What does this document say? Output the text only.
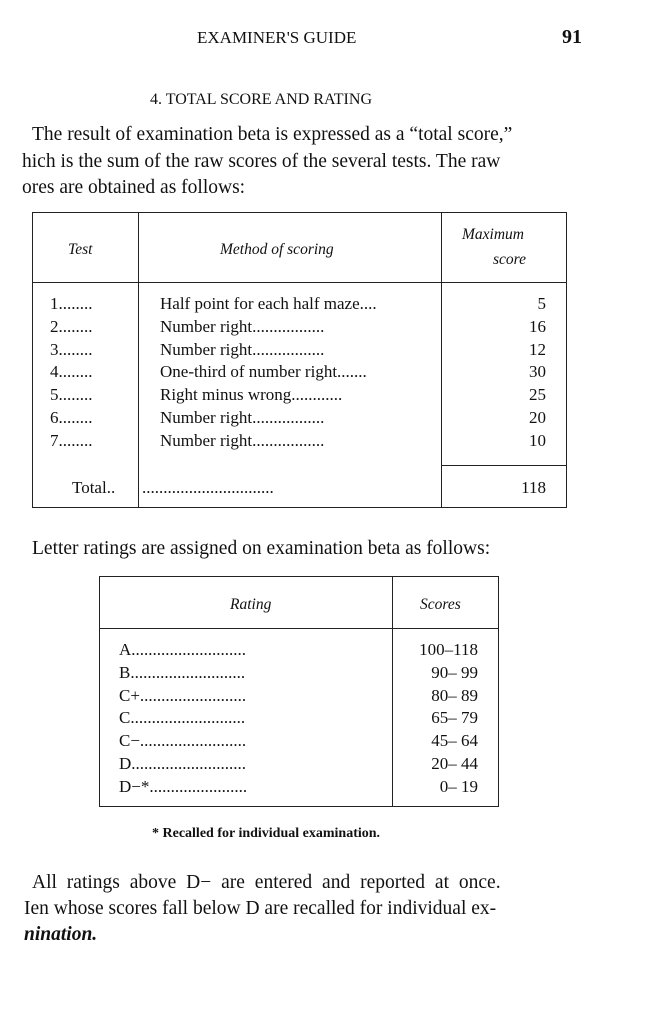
EXAMINER'S GUIDE	91
4. TOTAL SCORE AND RATING
The result of examination beta is expressed as a “total score,”
hich is the sum of the raw scores of the several tests. The raw
ores are obtained as follows:
Test	Method of scoring
Maximum
score
1........	Half point for each half maze....	5
2........	Number right.................	16
3........	Number right.................	12
4........	One-third of number right.......	30
5........	Right minus wrong............	25
6........	Number right.................	20
7........	Number right.................	10
Total.. ...............................	118
Letter ratings are assigned on examination beta as follows:
Rating	Scores
A...........................	100–118
B...........................	90– 99
C+.........................	80– 89
C...........................	65– 79
C−.........................	45– 64
D...........................	20– 44
D−*.......................	0– 19
* Recalled for individual examination.
All ratings above D− are entered and reported at once.
Ien whose scores fall below D are recalled for individual ex-
nination.
